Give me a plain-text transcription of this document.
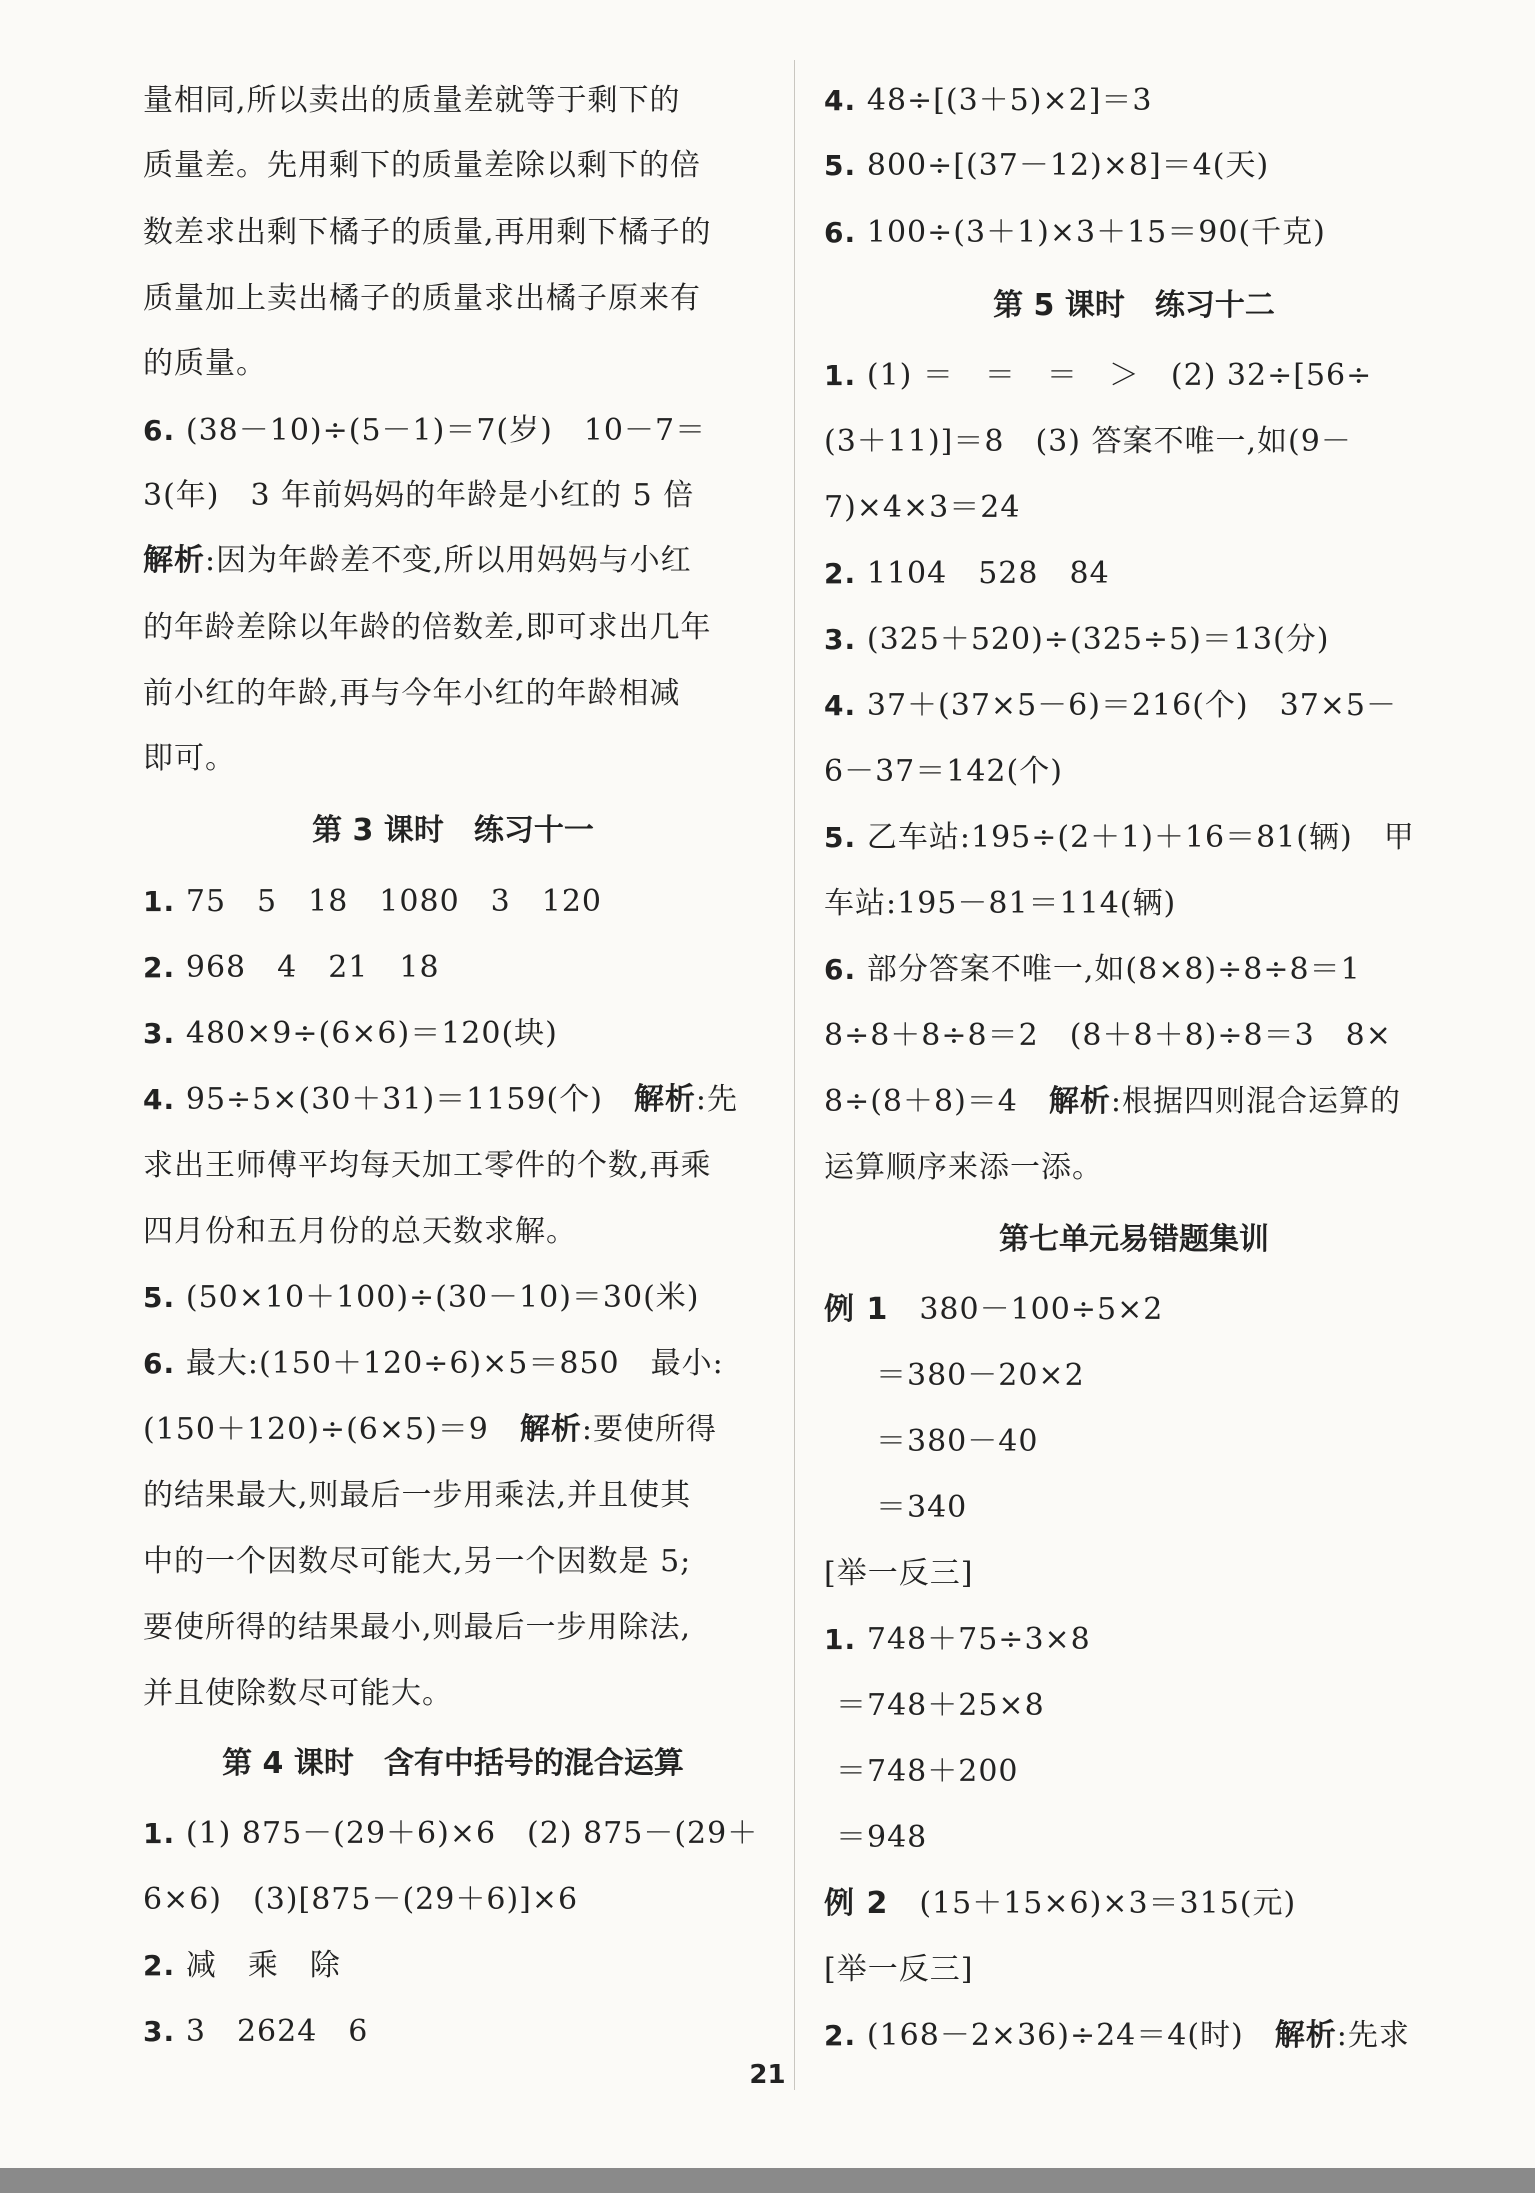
量相同,所以卖出的质量差就等于剩下的
质量差。先用剩下的质量差除以剩下的倍
数差求出剩下橘子的质量,再用剩下橘子的
质量加上卖出橘子的质量求出橘子原来有
的质量。
6. (38－10)÷(5－1)＝7(岁)　10－7＝
3(年)　3 年前妈妈的年龄是小红的 5 倍
解析:因为年龄差不变,所以用妈妈与小红
的年龄差除以年龄的倍数差,即可求出几年
前小红的年龄,再与今年小红的年龄相减
即可。
第 3 课时　练习十一
1. 75　5　18　1080　3　120
2. 968　4　21　18
3. 480×9÷(6×6)＝120(块)
4. 95÷5×(30＋31)＝1159(个)　解析:先
求出王师傅平均每天加工零件的个数,再乘
四月份和五月份的总天数求解。
5. (50×10＋100)÷(30－10)＝30(米)
6. 最大:(150＋120÷6)×5＝850　最小:
(150＋120)÷(6×5)＝9　解析:要使所得
的结果最大,则最后一步用乘法,并且使其
中的一个因数尽可能大,另一个因数是 5;
要使所得的结果最小,则最后一步用除法,
并且使除数尽可能大。
第 4 课时　含有中括号的混合运算
1. (1) 875－(29＋6)×6　(2) 875－(29＋
6×6)　(3)[875－(29＋6)]×6
2. 减　乘　除
3. 3　2624　6
4. 48÷[(3＋5)×2]＝3
5. 800÷[(37－12)×8]＝4(天)
6. 100÷(3＋1)×3＋15＝90(千克)
第 5 课时　练习十二
1. (1) ＝　＝　＝　＞　(2) 32÷[56÷
(3＋11)]＝8　(3) 答案不唯一,如(9－
7)×4×3＝24
2. 1104　528　84
3. (325＋520)÷(325÷5)＝13(分)
4. 37＋(37×5－6)＝216(个)　37×5－
6－37＝142(个)
5. 乙车站:195÷(2＋1)＋16＝81(辆)　甲
车站:195－81＝114(辆)
6. 部分答案不唯一,如(8×8)÷8÷8＝1
8÷8＋8÷8＝2　(8＋8＋8)÷8＝3　8×
8÷(8＋8)＝4　解析:根据四则混合运算的
运算顺序来添一添。
第七单元易错题集训
例 1　380－100÷5×2
＝380－20×2
＝380－40
＝340
[举一反三]
1. 748＋75÷3×8
＝748＋25×8
＝748＋200
＝948
例 2　(15＋15×6)×3＝315(元)
[举一反三]
2. (168－2×36)÷24＝4(时)　解析:先求
21
